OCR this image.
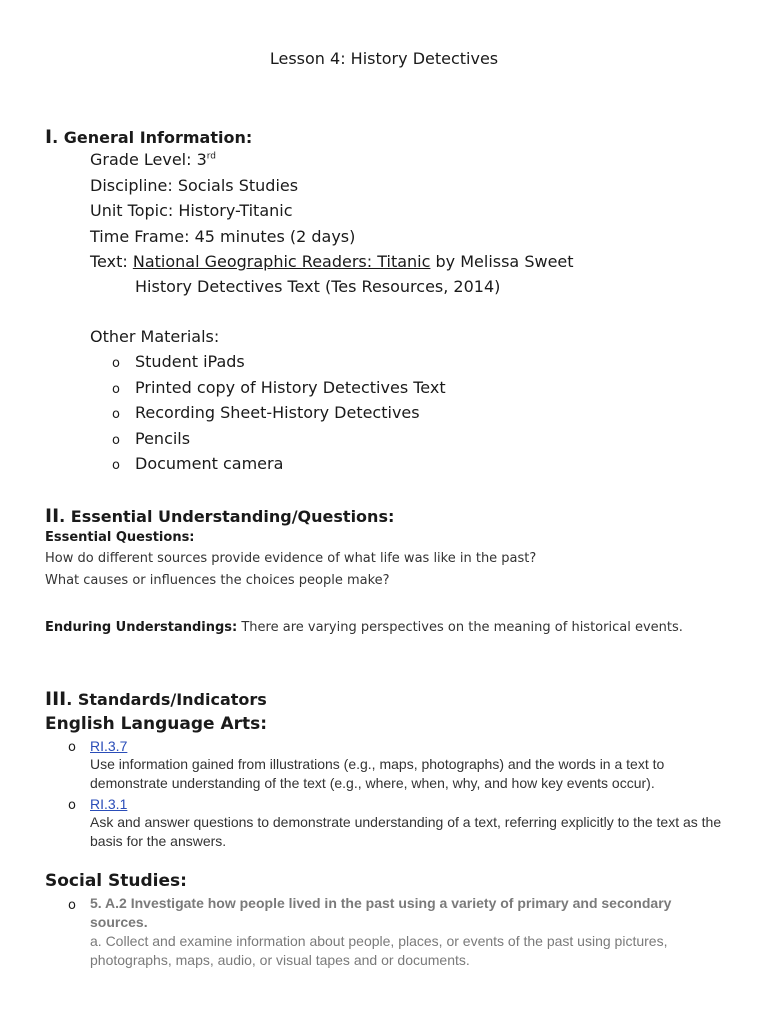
Lesson 4: History Detectives
I. General Information:
Grade Level: 3rd
Discipline: Socials Studies
Unit Topic: History-Titanic
Time Frame: 45 minutes (2 days)
Text: National Geographic Readers: Titanic by Melissa Sweet
History Detectives Text (Tes Resources, 2014)
Other Materials:
o Student iPads
o Printed copy of History Detectives Text
o Recording Sheet-History Detectives
o Pencils
o Document camera
II. Essential Understanding/Questions:
Essential Questions:
How do different sources provide evidence of what life was like in the past?
What causes or influences the choices people make?
Enduring Understandings: There are varying perspectives on the meaning of historical events.
III. Standards/Indicators
English Language Arts:
o RI.3.7
Use information gained from illustrations (e.g., maps, photographs) and the words in a text to demonstrate understanding of the text (e.g., where, when, why, and how key events occur).
o RI.3.1
Ask and answer questions to demonstrate understanding of a text, referring explicitly to the text as the basis for the answers.
Social Studies:
o 5. A.2 Investigate how people lived in the past using a variety of primary and secondary sources.
a. Collect and examine information about people, places, or events of the past using pictures, photographs, maps, audio, or visual tapes and or documents.
